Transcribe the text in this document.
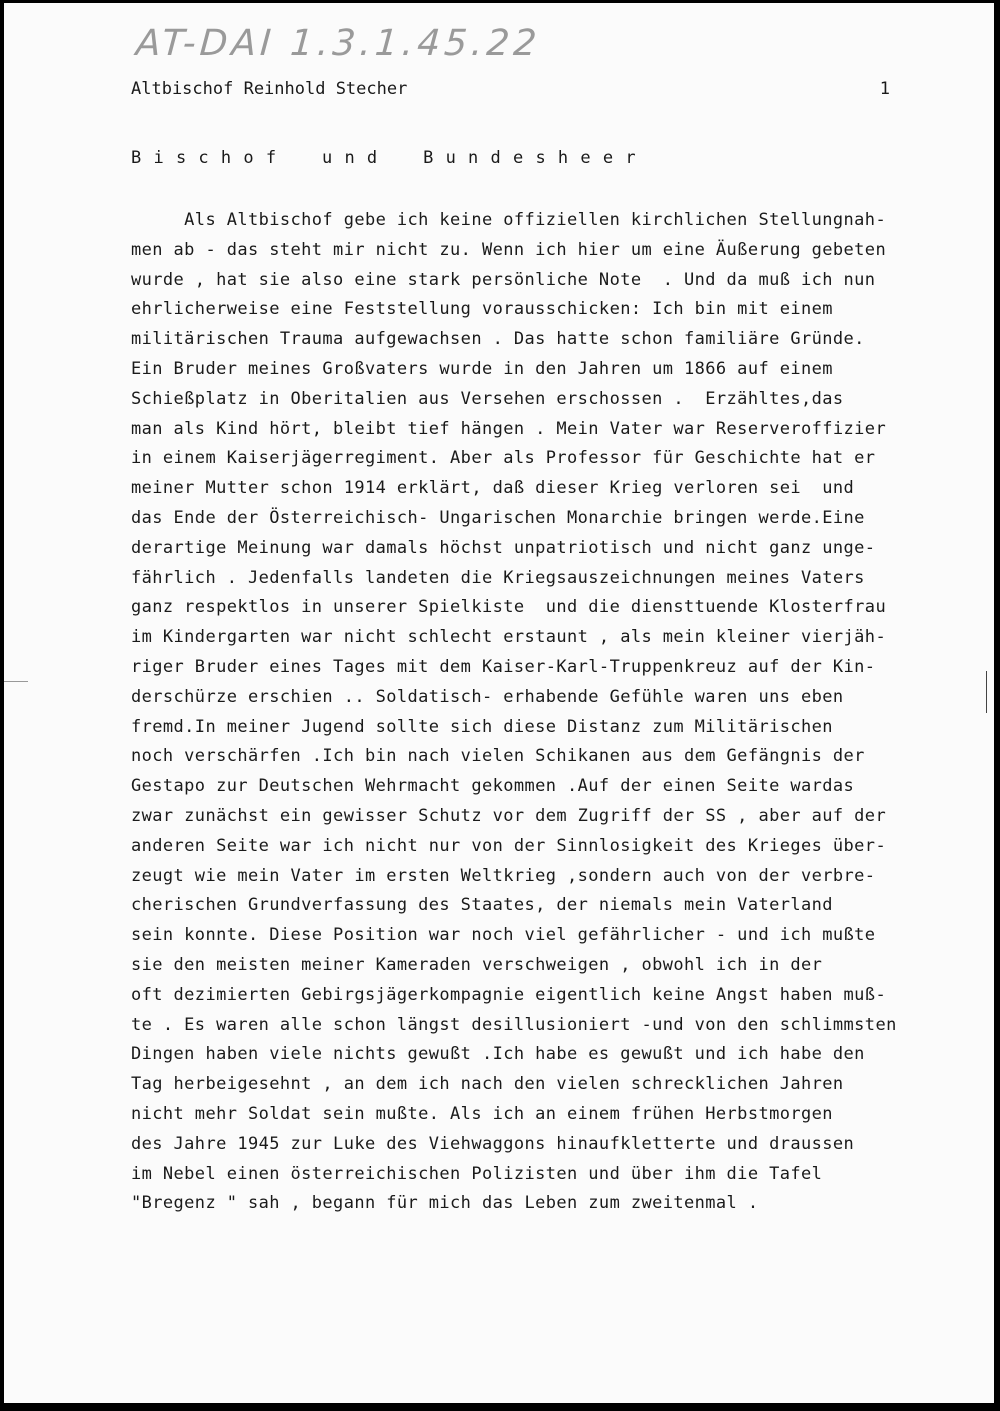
AT-DAI 1.3.1.45.22
Altbischof Reinhold Stecher	1
B i s c h o f    u n d    B u n d e s h e e r
Als Altbischof gebe ich keine offiziellen kirchlichen Stellungnah-
men ab - das steht mir nicht zu. Wenn ich hier um eine Äußerung gebeten
wurde , hat sie also eine stark persönliche Note  . Und da muß ich nun
ehrlicherweise eine Feststellung vorausschicken: Ich bin mit einem
militärischen Trauma aufgewachsen . Das hatte schon familiäre Gründe.
Ein Bruder meines Großvaters wurde in den Jahren um 1866 auf einem
Schießplatz in Oberitalien aus Versehen erschossen .  Erzähltes,das
man als Kind hört, bleibt tief hängen . Mein Vater war Reserveroffizier
in einem Kaiserjägerregiment. Aber als Professor für Geschichte hat er
meiner Mutter schon 1914 erklärt, daß dieser Krieg verloren sei  und
das Ende der Österreichisch- Ungarischen Monarchie bringen werde.Eine
derartige Meinung war damals höchst unpatriotisch und nicht ganz unge-
fährlich . Jedenfalls landeten die Kriegsauszeichnungen meines Vaters
ganz respektlos in unserer Spielkiste  und die diensttuende Klosterfrau
im Kindergarten war nicht schlecht erstaunt , als mein kleiner vierjäh-
riger Bruder eines Tages mit dem Kaiser-Karl-Truppenkreuz auf der Kin-
derschürze erschien .. Soldatisch- erhabende Gefühle waren uns eben
fremd.In meiner Jugend sollte sich diese Distanz zum Militärischen
noch verschärfen .Ich bin nach vielen Schikanen aus dem Gefängnis der
Gestapo zur Deutschen Wehrmacht gekommen .Auf der einen Seite wardas
zwar zunächst ein gewisser Schutz vor dem Zugriff der SS , aber auf der
anderen Seite war ich nicht nur von der Sinnlosigkeit des Krieges über-
zeugt wie mein Vater im ersten Weltkrieg ,sondern auch von der verbre-
cherischen Grundverfassung des Staates, der niemals mein Vaterland
sein konnte. Diese Position war noch viel gefährlicher - und ich mußte
sie den meisten meiner Kameraden verschweigen , obwohl ich in der
oft dezimierten Gebirgsjägerkompagnie eigentlich keine Angst haben muß-
te . Es waren alle schon längst desillusioniert -und von den schlimmsten
Dingen haben viele nichts gewußt .Ich habe es gewußt und ich habe den
Tag herbeigesehnt , an dem ich nach den vielen schrecklichen Jahren
nicht mehr Soldat sein mußte. Als ich an einem frühen Herbstmorgen
des Jahre 1945 zur Luke des Viehwaggons hinaufkletterte und draussen
im Nebel einen österreichischen Polizisten und über ihm die Tafel
"Bregenz " sah , begann für mich das Leben zum zweitenmal .
